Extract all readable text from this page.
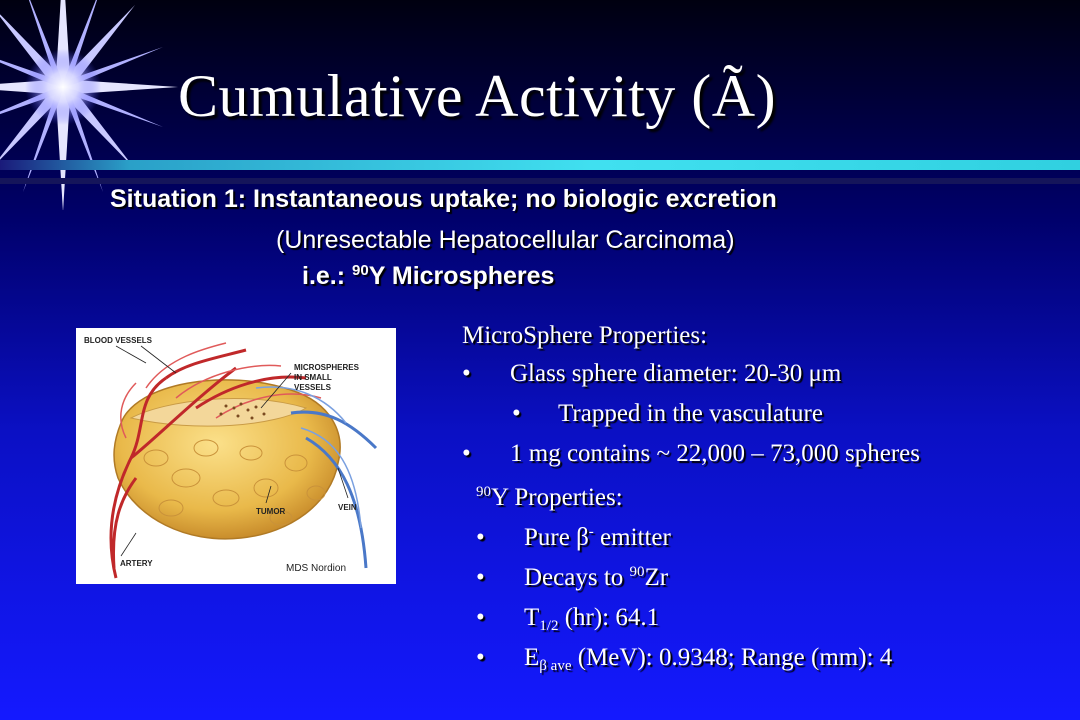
Cumulative Activity (Ã)

Situation 1: Instantaneous uptake; no biologic excretion

(Unresectable Hepatocellular Carcinoma)

i.e.: $^{90}$Y Microspheres

BLOOD VESSELS
MICROSPHERES
IN SMALL
VESSELS
TUMOR	VEIN
ARTERY	MDS Nordion
MicroSphere Properties:
• Glass sphere diameter: 20-30 μm
• Trapped in the vasculature
• 1 mg contains ~ 22,000 – 73,000 spheres
$^{90}$Y Properties:
• Pure β- emitter
• Decays to $^{90}$Zr
• $T_{1/2}$ (hr): 64.1
• $E_{\beta ave}$ (MeV): 0.9348; Range (mm): 4
